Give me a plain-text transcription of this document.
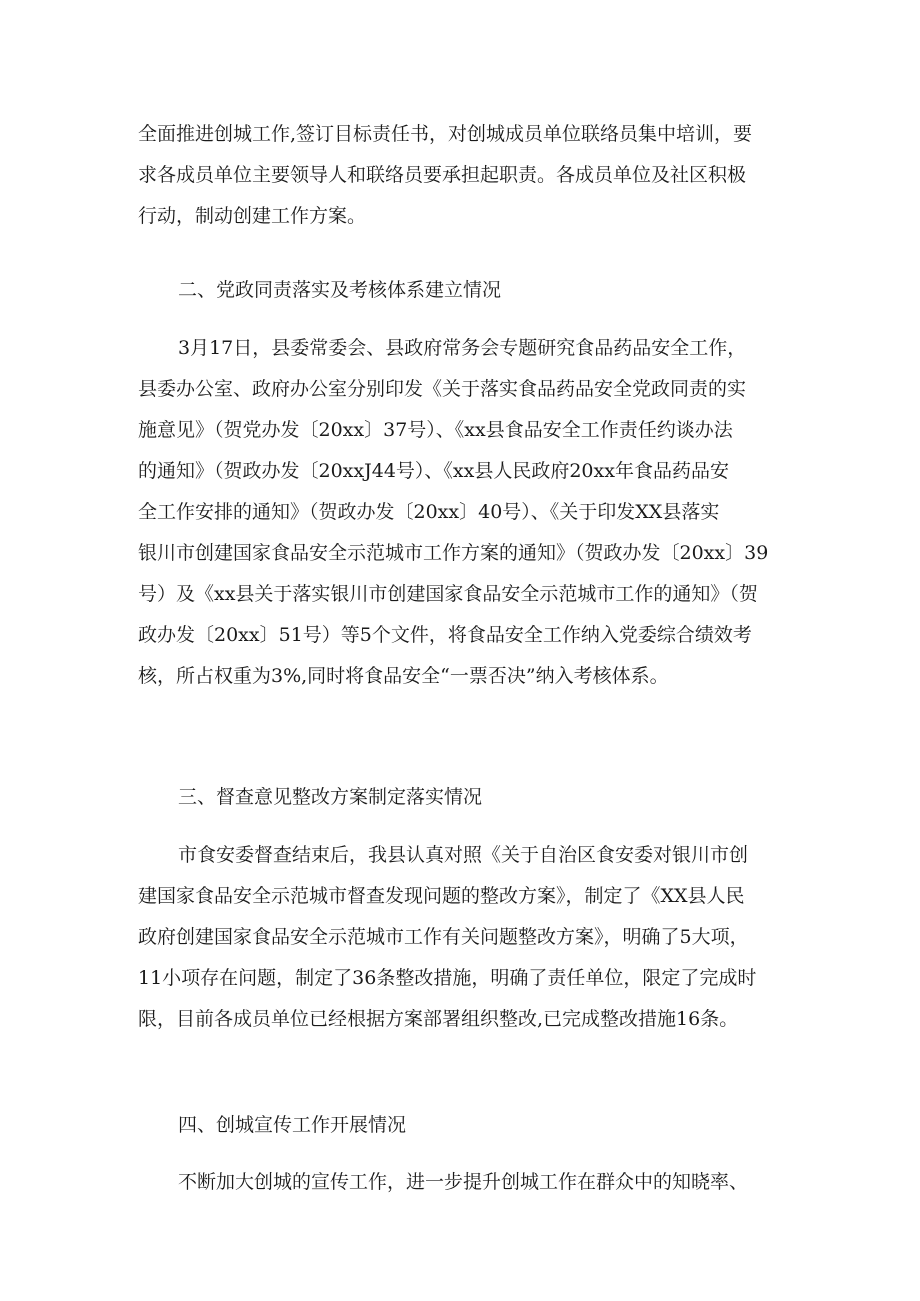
全面推进创城工作,签订目标责任书，对创城成员单位联络员集中培训，要
求各成员单位主要领导人和联络员要承担起职责。各成员单位及社区积极
行动，制动创建工作方案。
二、党政同责落实及考核体系建立情况
3月17日，县委常委会、县政府常务会专题研究食品药品安全工作，
县委办公室、政府办公室分别印发《关于落实食品药品安全党政同责的实
施意见》（贺党办发〔20xx〕37号）、《xx县食品安全工作责任约谈办法
的通知》（贺政办发〔20xxJ44号）、《xx县人民政府20xx年食品药品安
全工作安排的通知》（贺政办发〔20xx〕40号）、《关于印发XX县落实
银川市创建国家食品安全示范城市工作方案的通知》（贺政办发〔20xx〕39
号）及《xx县关于落实银川市创建国家食品安全示范城市工作的通知》（贺
政办发〔20xx〕51号）等5个文件，将食品安全工作纳入党委综合绩效考
核，所占权重为3%,同时将食品安全“一票否决”纳入考核体系。
三、督查意见整改方案制定落实情况
市食安委督查结束后，我县认真对照《关于自治区食安委对银川市创
建国家食品安全示范城市督查发现问题的整改方案》，制定了《XX县人民
政府创建国家食品安全示范城市工作有关问题整改方案》，明确了5大项，
11小项存在问题，制定了36条整改措施，明确了责任单位，限定了完成时
限，目前各成员单位已经根据方案部署组织整改,已完成整改措施16条。
四、创城宣传工作开展情况
不断加大创城的宣传工作，进一步提升创城工作在群众中的知晓率、
